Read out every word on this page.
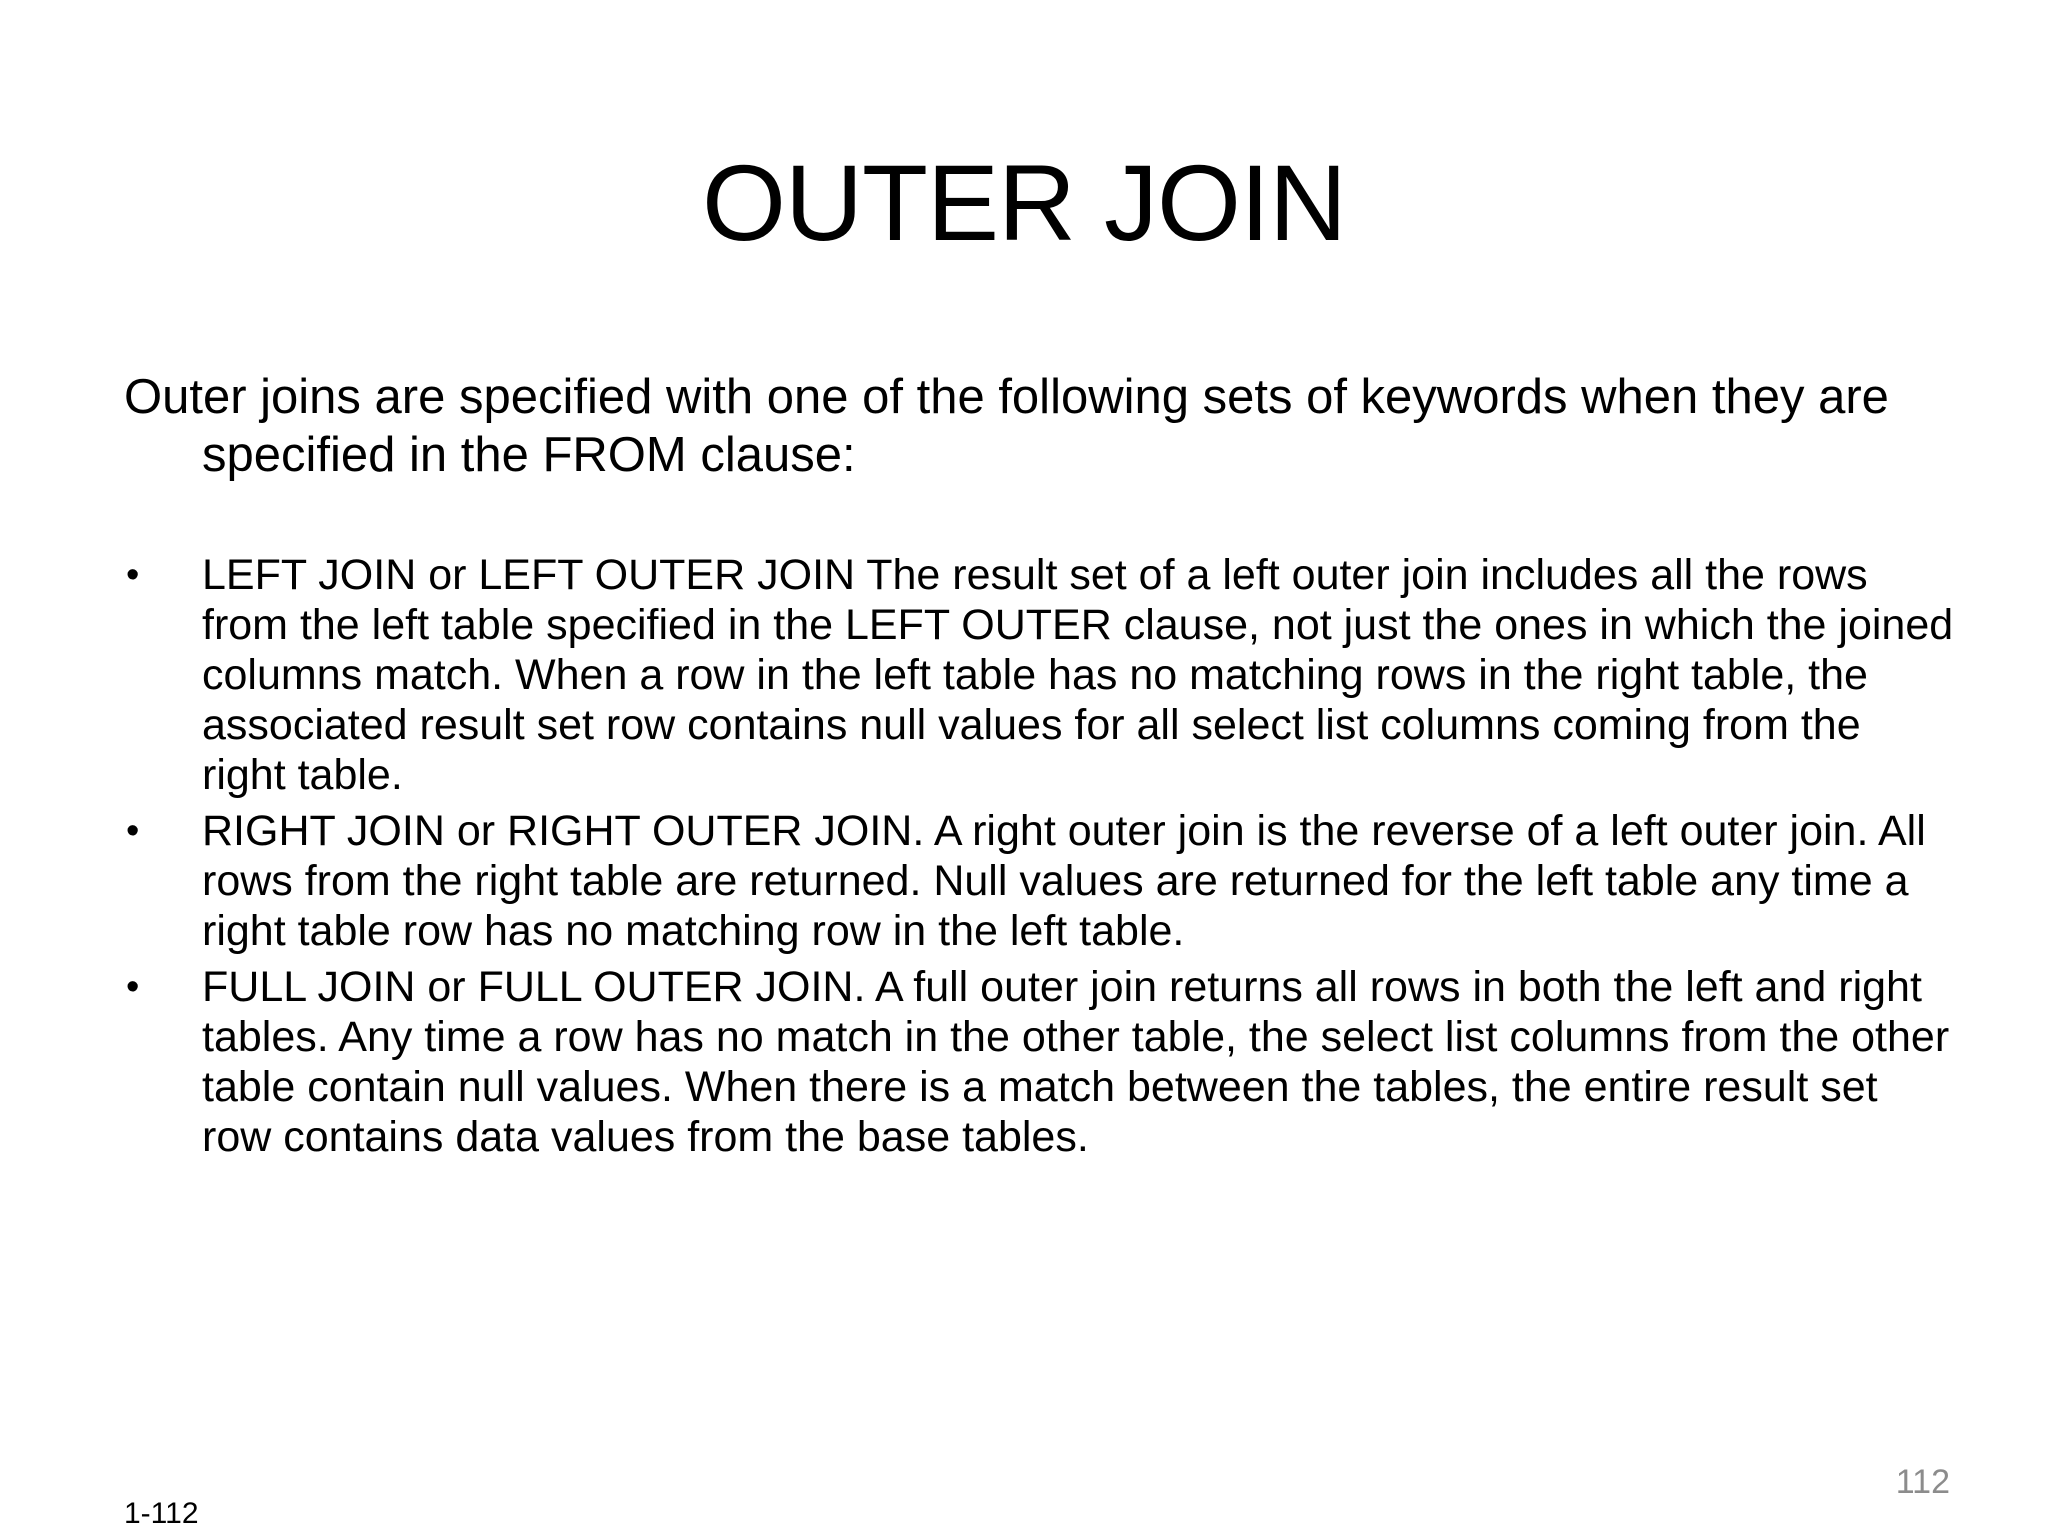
OUTER JOIN

Outer joins are specified with one of the following sets of keywords when they are specified in the FROM clause:

• LEFT JOIN or LEFT OUTER JOIN The result set of a left outer join includes all the rows from the left table specified in the LEFT OUTER clause, not just the ones in which the joined columns match. When a row in the left table has no matching rows in the right table, the associated result set row contains null values for all select list columns coming from the right table.
• RIGHT JOIN or RIGHT OUTER JOIN. A right outer join is the reverse of a left outer join. All rows from the right table are returned. Null values are returned for the left table any time a right table row has no matching row in the left table.
• FULL JOIN or FULL OUTER JOIN. A full outer join returns all rows in both the left and right tables. Any time a row has no match in the other table, the select list columns from the other table contain null values. When there is a match between the tables, the entire result set row contains data values from the base tables.
112
1-112
